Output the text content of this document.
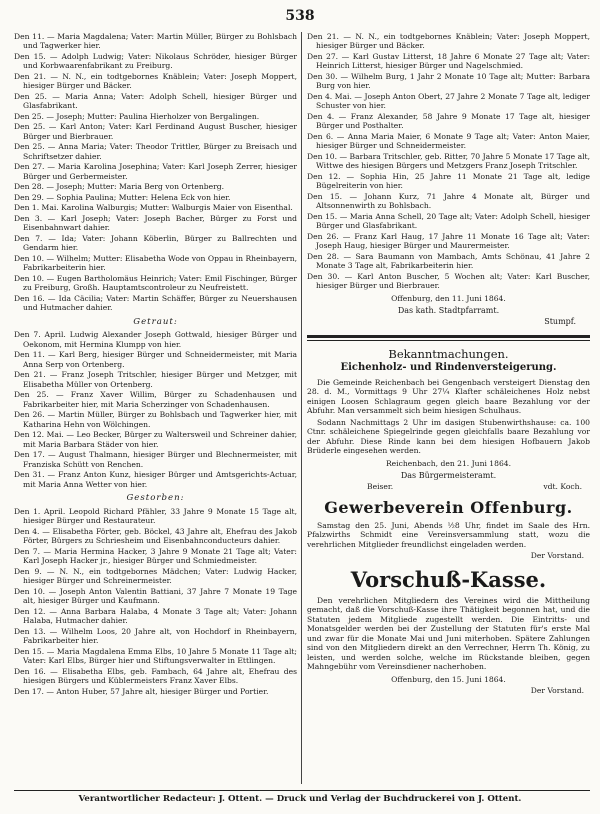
538
Den 11. — Maria Magdalena; Vater: Martin Müller, Bürger zu Bohlsbach und Tagwerker hier.
Den 15. — Adolph Ludwig; Vater: Nikolaus Schröder, hiesiger Bürger und Korbwaarenfabrikant zu Freiburg.
Den 21. — N. N., ein todtgebornes Knäblein; Vater: Joseph Moppert, hiesiger Bürger und Bäcker.
Den 25. — Maria Anna; Vater: Adolph Schell, hiesiger Bürger und Glasfabrikant.
Den 25. — Joseph; Mutter: Paulina Hierholzer von Bergalingen.
Den 25. — Karl Anton; Vater: Karl Ferdinand August Buscher, hiesiger Bürger und Bierbrauer.
Den 25. — Anna Maria; Vater: Theodor Trittler, Bürger zu Breisach und Schriftsetzer dahier.
Den 27. — Maria Karolina Josephina; Vater: Karl Joseph Zerrer, hiesiger Bürger und Gerbermeister.
Den 28. — Joseph; Mutter: Maria Berg von Ortenberg.
Den 29. — Sophia Paulina; Mutter: Helena Eck von hier.
Den 1. Mai. Karolina Walburgis; Mutter: Walburgis Maier von Eisenthal.
Den 3. — Karl Joseph; Vater: Joseph Bacher, Bürger zu Forst und Eisenbahnwart dahier.
Den 7. — Ida; Vater: Johann Köberlin, Bürger zu Ballrechten und Gendarm hier.
Den 10. — Wilhelm; Mutter: Elisabetha Wode von Oppau in Rheinbayern, Fabrikarbeiterin hier.
Den 10. — Eugen Bartholomäus Heinrich; Vater: Emil Fischinger, Bürger zu Freiburg, Großh. Hauptamtscontroleur zu Neufreistett.
Den 16. — Ida Cäcilia; Vater: Martin Schäffer, Bürger zu Neuershausen und Hutmacher dahier.
Getraut:
Den 7. April. Ludwig Alexander Joseph Gottwald, hiesiger Bürger und Oekonom, mit Hermina Klumpp von hier.
Den 11. — Karl Berg, hiesiger Bürger und Schneidermeister, mit Maria Anna Serp von Ortenberg.
Den 21. — Franz Joseph Tritschler, hiesiger Bürger und Metzger, mit Elisabetha Müller von Ortenberg.
Den 25. — Franz Xaver Willim, Bürger zu Schadenhausen und Fabrikarbeiter hier, mit Maria Scherzinger von Schadenhausen.
Den 26. — Martin Müller, Bürger zu Bohlsbach und Tagwerker hier, mit Katharina Hehn von Wölchingen.
Den 12. Mai. — Leo Becker, Bürger zu Waltersweil und Schreiner dahier, mit Maria Barbara Städer von hier.
Den 17. — August Thalmann, hiesiger Bürger und Blechnermeister, mit Franziska Schütt von Renchen.
Den 31. — Franz Anton Kunz, hiesiger Bürger und Amtsgerichts-Actuar, mit Maria Anna Wetter von hier.
Gestorben:
Den 1. April. Leopold Richard Pfähler, 33 Jahre 9 Monate 15 Tage alt, hiesiger Bürger und Restaurateur.
Den 4. — Elisabetha Förter, geb. Böckel, 43 Jahre alt, Ehefrau des Jakob Förter, Bürgers zu Schriesheim und Eisenbahnconducteurs dahier.
Den 7. — Maria Hermina Hacker, 3 Jahre 9 Monate 21 Tage alt; Vater: Karl Joseph Hacker jr., hiesiger Bürger und Schmiedmeister.
Den 9. — N. N., ein todtgebornes Mädchen; Vater: Ludwig Hacker, hiesiger Bürger und Schreinermeister.
Den 10. — Joseph Anton Valentin Battiani, 37 Jahre 7 Monate 19 Tage alt, hiesiger Bürger und Kaufmann.
Den 12. — Anna Barbara Halaba, 4 Monate 3 Tage alt; Vater: Johann Halaba, Hutmacher dahier.
Den 13. — Wilhelm Loos, 20 Jahre alt, von Hochdorf in Rheinbayern, Fabrikarbeiter hier.
Den 15. — Maria Magdalena Emma Elbs, 10 Jahre 5 Monate 11 Tage alt; Vater: Karl Elbs, Bürger hier und Stiftungsverwalter in Ettlingen.
Den 16. — Elisabetha Elbs, geb. Fambach, 64 Jahre alt, Ehefrau des hiesigen Bürgers und Küblermeisters Franz Xaver Elbs.
Den 17. — Anton Huber, 57 Jahre alt, hiesiger Bürger und Portier.
Den 21. — N. N., ein todtgebornes Knäblein; Vater: Joseph Moppert, hiesiger Bürger und Bäcker.
Den 27. — Karl Gustav Litterst, 18 Jahre 6 Monate 27 Tage alt; Vater: Heinrich Litterst, hiesiger Bürger und Nagelschmied.
Den 30. — Wilhelm Burg, 1 Jahr 2 Monate 10 Tage alt; Mutter: Barbara Burg von hier.
Den 4. Mai. — Joseph Anton Obert, 27 Jahre 2 Monate 7 Tage alt, lediger Schuster von hier.
Den 4. — Franz Alexander, 58 Jahre 9 Monate 17 Tage alt, hiesiger Bürger und Posthalter.
Den 6. — Anna Maria Maier, 6 Monate 9 Tage alt; Vater: Anton Maier, hiesiger Bürger und Schneidermeister.
Den 10. — Barbara Tritschler, geb. Ritter, 70 Jahre 5 Monate 17 Tage alt, Wittwe des hiesigen Bürgers und Metzgers Franz Joseph Tritschler.
Den 12. — Sophia Hin, 25 Jahre 11 Monate 21 Tage alt, ledige Bügelreiterin von hier.
Den 15. — Johann Kurz, 71 Jahre 4 Monate alt, Bürger und Altsonnenwirth zu Bohlsbach.
Den 15. — Maria Anna Schell, 20 Tage alt; Vater: Adolph Schell, hiesiger Bürger und Glasfabrikant.
Den 26. — Franz Karl Haug, 17 Jahre 11 Monate 16 Tage alt; Vater: Joseph Haug, hiesiger Bürger und Maurermeister.
Den 28. — Sara Baumann von Mambach, Amts Schönau, 41 Jahre 2 Monate 3 Tage alt, Fabrikarbeiterin hier.
Den 30. — Karl Anton Buscher, 5 Wochen alt; Vater: Karl Buscher, hiesiger Bürger und Bierbrauer.
Offenburg, den 11. Juni 1864.
Das kath. Stadtpfarramt.
Stumpf.
Bekanntmachungen.
Eichenholz- und Rindenversteigerung.
Die Gemeinde Reichenbach bei Gengenbach versteigert Dienstag den 28. d. M., Vormittags 9 Uhr 27¼ Klafter schäleichenes Holz nebst einigen Loosen Schlagraum gegen gleich baare Bezahlung vor der Abfuhr. Man versammelt sich beim hiesigen Schulhaus.
Sodann Nachmittags 2 Uhr im dasigen Stubenwirthshause: ca. 100 Ctnr. schäleichene Spiegelrinde gegen gleichfalls baare Bezahlung vor der Abfuhr. Diese Rinde kann bei dem hiesigen Hofbauern Jakob Brüderle eingesehen werden.
Reichenbach, den 21. Juni 1864.
Das Bürgermeisteramt.
Beiser.	vdt. Koch.
Gewerbeverein Offenburg.
Samstag den 25. Juni, Abends ½8 Uhr, findet im Saale des Hrn. Pfalzwirths Schmidt eine Vereinsversammlung statt, wozu die verehrlichen Mitglieder freundlichst eingeladen werden.
Der Vorstand.
Vorschuß-Kasse.
Den verehrlichen Mitgliedern des Vereines wird die Mittheilung gemacht, daß die Vorschuß-Kasse ihre Thätigkeit begonnen hat, und die Statuten jedem Mitgliede zugestellt werden. Die Eintritts- und Monatsgelder werden bei der Zustellung der Statuten für's erste Mal und zwar für die Monate Mai und Juni miterhoben. Spätere Zahlungen sind von den Mitgliedern direkt an den Verrechner, Herrn Th. König, zu leisten, und werden solche, welche im Rückstande bleiben, gegen Mahngebühr vom Vereinsdiener nacherhoben.
Offenburg, den 15. Juni 1864.
Der Vorstand.
Verantwortlicher Redacteur: J. Ottent. — Druck und Verlag der Buchdruckerei von J. Ottent.
